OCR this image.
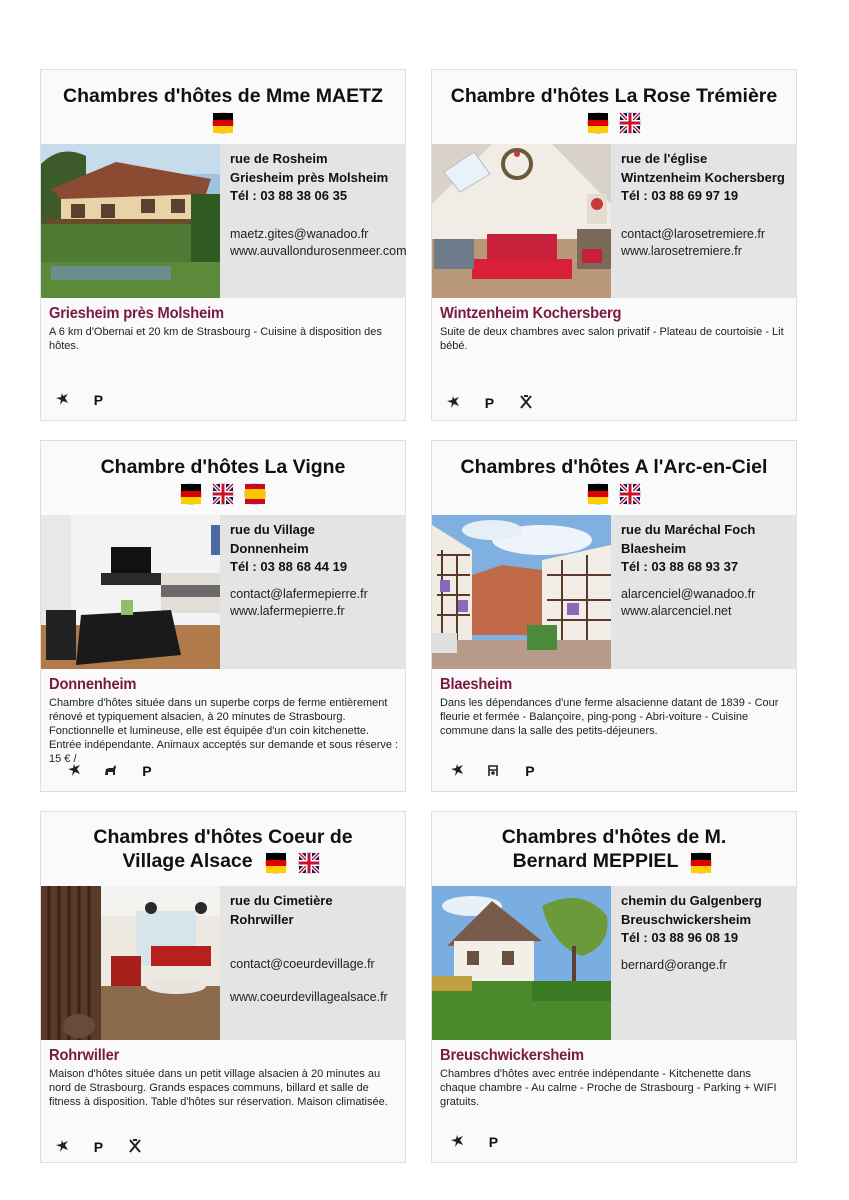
Chambres d'hôtes de Mme MAETZ
rue de Rosheim
Griesheim près Molsheim
Tél : 03 88 38 06 35
maetz.gites@wanadoo.fr
www.auvallondurosenmeer.com
Griesheim près Molsheim
A 6 km d'Obernai et 20 km de Strasbourg - Cuisine à disposition des hôtes.
P
Chambre d'hôtes La Rose Trémière

rue de l'église
Wintzenheim Kochersberg
Tél : 03 88 69 97 19
contact@larosetremiere.fr
www.larosetremiere.fr
Wintzenheim Kochersberg
Suite de deux chambres avec salon privatif - Plateau de courtoisie - Lit bébé.
P
Chambre d'hôtes La Vigne

rue du Village
Donnenheim
Tél : 03 88 68 44 19
contact@lafermepierre.fr
www.lafermepierre.fr
Donnenheim
Chambre d'hôtes située dans un superbe corps de ferme entièrement rénové et typiquement alsacien, à 20 minutes de Strasbourg. Fonctionnelle et lumineuse, elle est équipée d'un coin kitchenette. Entrée indépendante. Animaux acceptés sur demande et sous réserve : 15 € /
P
Chambres d'hôtes A l'Arc-en-Ciel

rue du Maréchal Foch
Blaesheim
Tél : 03 88 68 93 37
alarcenciel@wanadoo.fr
www.alarcenciel.net
Blaesheim
Dans les dépendances d'une ferme alsacienne datant de 1839 - Cour fleurie et fermée - Balançoire, ping-pong - Abri-voiture - Cuisine commune dans la salle des petits-déjeuners.
P
Chambres d'hôtes Coeur de Village Alsace

rue du Cimetière
Rohrwiller
contact@coeurdevillage.fr
www.coeurdevillagealsace.fr
Rohrwiller
Maison d'hôtes située dans un petit village alsacien à 20 minutes au nord de Strasbourg. Grands espaces communs, billard et salle de fitness à disposition. Table d'hôtes sur réservation. Maison climatisée.
P
Chambres d'hôtes de M. Bernard MEPPIEL
chemin du Galgenberg
Breuschwickersheim
Tél : 03 88 96 08 19
bernard@orange.fr
Breuschwickersheim
Chambres d'hôtes avec entrée indépendante - Kitchenette dans chaque chambre - Au calme - Proche de Strasbourg - Parking + WIFI gratuits.
P
